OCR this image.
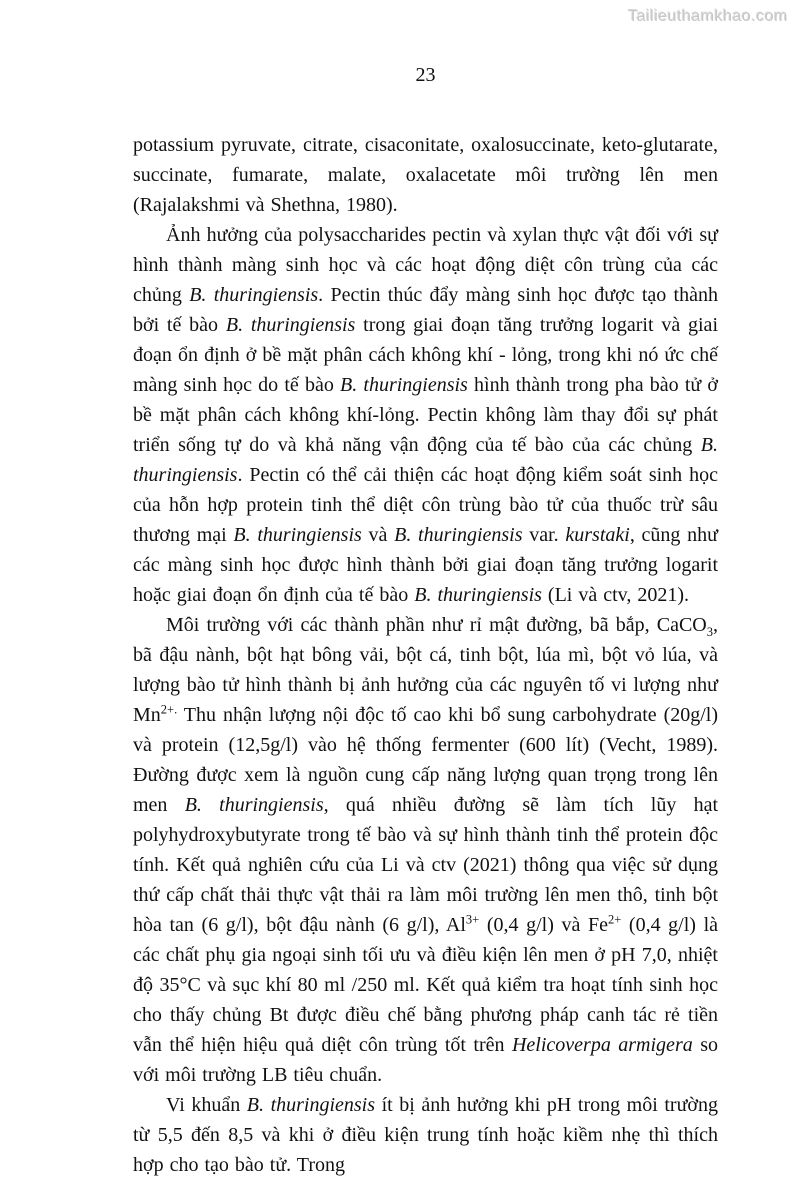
Tailieuthamkhao.com
23

potassium pyruvate, citrate, cisaconitate, oxalosuccinate, keto-glutarate, succinate, fumarate, malate, oxalacetate môi trường lên men (Rajalakshmi và Shethna, 1980).

Ảnh hưởng của polysaccharides pectin và xylan thực vật đối với sự hình thành màng sinh học và các hoạt động diệt côn trùng của các chủng B. thuringiensis. Pectin thúc đẩy màng sinh học được tạo thành bởi tế bào B. thuringiensis trong giai đoạn tăng trưởng logarit và giai đoạn ổn định ở bề mặt phân cách không khí - lỏng, trong khi nó ức chế màng sinh học do tế bào B. thuringiensis hình thành trong pha bào tử ở bề mặt phân cách không khí-lỏng. Pectin không làm thay đổi sự phát triển sống tự do và khả năng vận động của tế bào của các chủng B. thuringiensis. Pectin có thể cải thiện các hoạt động kiểm soát sinh học của hỗn hợp protein tinh thể diệt côn trùng bào tử của thuốc trừ sâu thương mại B. thuringiensis và B. thuringiensis var. kurstaki, cũng như các màng sinh học được hình thành bởi giai đoạn tăng trưởng logarit hoặc giai đoạn ổn định của tế bào B. thuringiensis (Li và ctv, 2021).

Môi trường với các thành phần như rỉ mật đường, bã bắp, CaCO$_3$, bã đậu nành, bột hạt bông vải, bột cá, tinh bột, lúa mì, bột vỏ lúa, và lượng bào tử hình thành bị ảnh hưởng của các nguyên tố vi lượng như $Mn^{2+.}$ Thu nhận lượng nội độc tố cao khi bổ sung carbohydrate (20g/l) và protein (12,5g/l) vào hệ thống fermenter (600 lít) (Vecht, 1989). Đường được xem là nguồn cung cấp năng lượng quan trọng trong lên men B. thuringiensis, quá nhiều đường sẽ làm tích lũy hạt polyhydroxybutyrate trong tế bào và sự hình thành tinh thể protein độc tính. Kết quả nghiên cứu của Li và ctv (2021) thông qua việc sử dụng thứ cấp chất thải thực vật thải ra làm môi trường lên men thô, tinh bột hòa tan (6 g/l), bột đậu nành (6 g/l), $Al^{3+}$ (0,4 g/l) và $Fe^{2+}$ (0,4 g/l) là các chất phụ gia ngoại sinh tối ưu và điều kiện lên men ở pH 7,0, nhiệt độ 35°C và sục khí 80 ml /250 ml. Kết quả kiểm tra hoạt tính sinh học cho thấy chủng Bt được điều chế bằng phương pháp canh tác rẻ tiền vẫn thể hiện hiệu quả diệt côn trùng tốt trên Helicoverpa armigera so với môi trường LB tiêu chuẩn.

Vi khuẩn B. thuringiensis ít bị ảnh hưởng khi pH trong môi trường từ 5,5 đến 8,5 và khi ở điều kiện trung tính hoặc kiềm nhẹ thì thích hợp cho tạo bào tử. Trong
